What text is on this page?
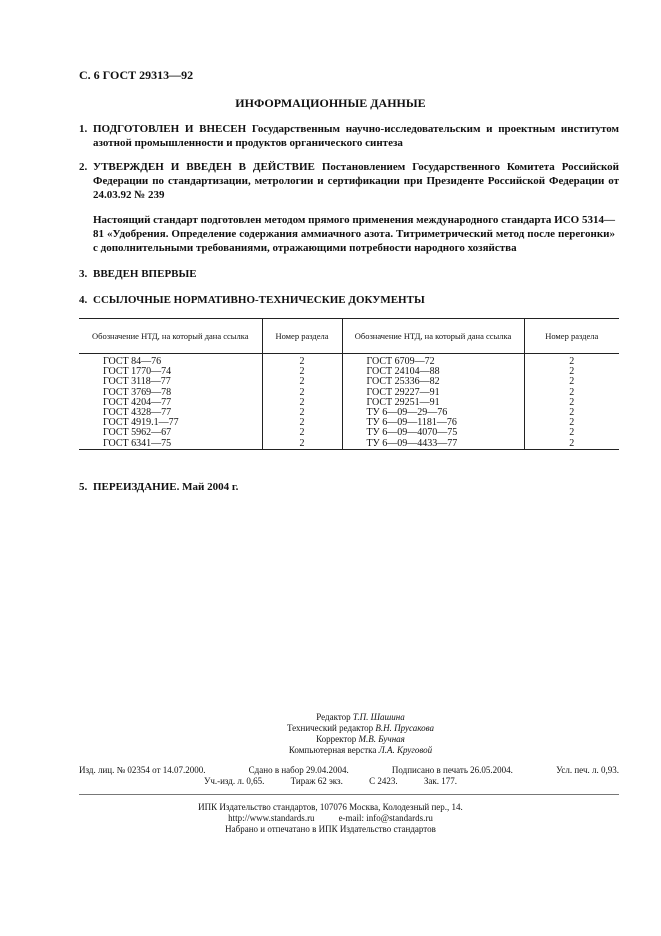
С. 6 ГОСТ 29313—92
ИНФОРМАЦИОННЫЕ ДАННЫЕ
1. ПОДГОТОВЛЕН И ВНЕСЕН Государственным научно-исследовательским и проектным институтом азотной промышленности и продуктов органического синтеза
2. УТВЕРЖДЕН И ВВЕДЕН В ДЕЙСТВИЕ Постановлением Государственного Комитета Российской Федерации по стандартизации, метрологии и сертификации при Президенте Российской Федерации от 24.03.92 № 239
Настоящий стандарт подготовлен методом прямого применения международного стандарта ИСО 5314—81 «Удобрения. Определение содержания аммиачного азота. Титриметрический метод после перегонки» с дополнительными требованиями, отражающими потребности народного хозяйства
3. ВВЕДЕН ВПЕРВЫЕ
4. ССЫЛОЧНЫЕ НОРМАТИВНО-ТЕХНИЧЕСКИЕ ДОКУМЕНТЫ
Обозначение НТД, на который дана ссылка	Номер раздела	Обозначение НТД, на который дана ссылка	Номер раздела
ГОСТ 84—76	2	ГОСТ 6709—72	2
ГОСТ 1770—74	2	ГОСТ 24104—88	2
ГОСТ 3118—77	2	ГОСТ 25336—82	2
ГОСТ 3769—78	2	ГОСТ 29227—91	2
ГОСТ 4204—77	2	ГОСТ 29251—91	2
ГОСТ 4328—77	2	ТУ 6—09—29—76	2
ГОСТ 4919.1—77	2	ТУ 6—09—1181—76	2
ГОСТ 5962—67	2	ТУ 6—09—4070—75	2
ГОСТ 6341—75	2	ТУ 6—09—4433—77	2
5. ПЕРЕИЗДАНИЕ. Май 2004 г.
Редактор Т.П. Шашина
Технический редактор В.Н. Прусакова
Корректор М.В. Бучная
Компьютерная верстка Л.А. Круговой
Изд. лиц. № 02354 от 14.07.2000.	Сдано в набор 29.04.2004.	Подписано в печать 26.05.2004.	Усл. печ. л. 0,93.
Уч.-изд. л. 0,65.	Тираж 62 экз.	С 2423.	Зак. 177.
ИПК Издательство стандартов, 107076 Москва, Колодезный пер., 14.
http://www.standards.ru	e-mail: info@standards.ru
Набрано и отпечатано в ИПК Издательство стандартов
